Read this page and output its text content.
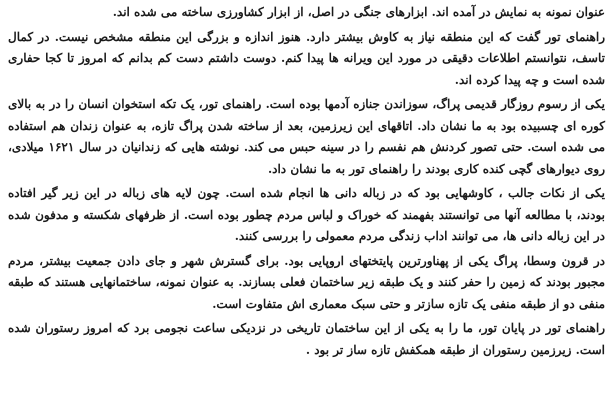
عنوان نمونه به نمایش در آمده اند. ابزارهای جنگی در اصل، از ابزار کشاورزی ساخته می شده اند.

راهنمای تور گفت که این منطقه نیاز به کاوش بیشتر دارد. هنوز اندازه و بزرگی این منطقه مشخص نیست. در کمال تاسف، نتوانستم اطلاعات دقیقی در مورد این ویرانه ها پیدا کنم. دوست داشتم دست کم بدانم که امروز تا کجا حفاری شده است و چه پیدا کرده اند.

یکی از رسوم روزگار قدیمی پراگ، سوزاندن جنازه آدمها بوده است. راهنمای تور، یک تکه استخوان انسان را در به بالای کوره ای چسبیده بود به ما نشان داد. اتاقهای این زیرزمین، بعد از ساخته شدن پراگ تازه، به عنوان زندان هم استفاده می شده است. حتی تصور کردنش هم نفسم را در سینه حبس می کند. نوشته هایی که زندانیان در سال ۱۶۲۱ میلادی، روی دیوارهای گچی کنده کاری بودند را راهنمای تور به ما نشان داد.

یکی از نکات جالب ، کاوشهایی بود که در زباله دانی ها انجام شده است. چون لایه های زباله در این زیر گیر افتاده بودند، با مطالعه آنها می توانستند بفهمند که خوراک و لباس مردم چطور بوده است. از ظرفهای شکسته و مدفون شده در این زباله دانی ها، می توانند اداب زندگی مردم معمولی را بررسی کنند.

در قرون وسطا، پراگ یکی از پهناورترین پایتختهای اروپایی بود. برای گسترش شهر و جای دادن جمعیت بیشتر، مردم مجبور بودند که زمین را حفر کنند و یک طبقه زیر ساختمان فعلی بسازند. به عنوان نمونه، ساختمانهایی هستند که طبقه منفی دو از طبقه منفی یک تازه سازتر و حتی سبک معماری اش متفاوت است.

راهنمای تور در پایان تور، ما را به یکی از این ساختمان تاریخی در نزدیکی ساعت نجومی برد که امروز رستوران شده است. زیرزمین رستوران از طبقه همکفش تازه ساز تر بود .
